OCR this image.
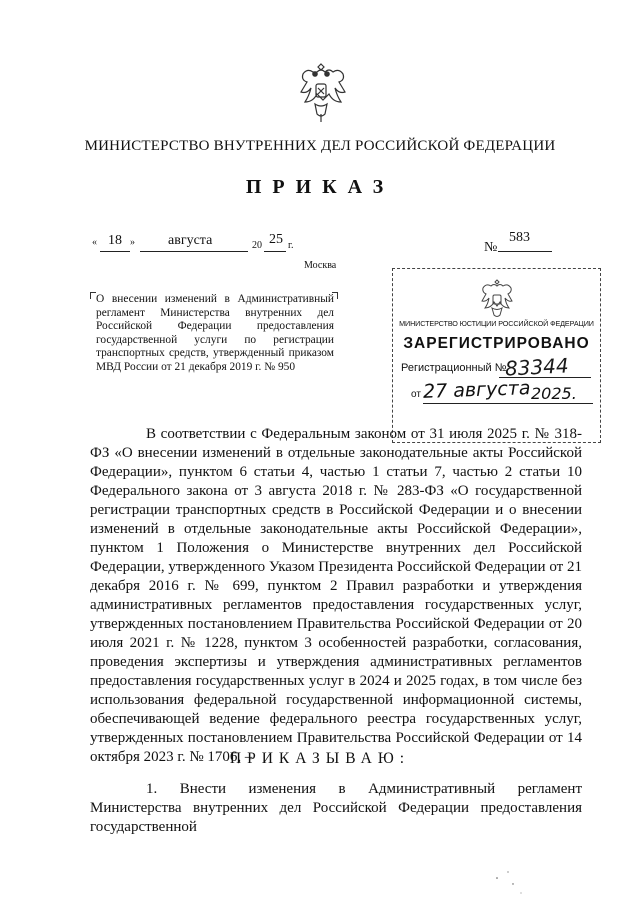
МИНИСТЕРСТВО ВНУТРЕННИХ ДЕЛ РОССИЙСКОЙ ФЕДЕРАЦИИ
ПРИКАЗ
« 18 » августа	20 25 г.	№
583
Москва
О внесении изменений в Административный регламент Министерства внутренних дел Российской Федерации предоставления государственной услуги по регистрации транспортных средств, утвержденный приказом МВД России от 21 декабря 2019 г. № 950
МИНИСТЕРСТВО ЮСТИЦИИ РОССИЙСКОЙ ФЕДЕРАЦИИ
ЗАРЕГИСТРИРОВАНО
Регистрационный №
83344
от 27 августа 2025.
В соответствии с Федеральным законом от 31 июля 2025 г. № 318-ФЗ «О внесении изменений в отдельные законодательные акты Российской Федерации», пунктом 6 статьи 4, частью 1 статьи 7, частью 2 статьи 10 Федерального закона от 3 августа 2018 г. № 283-ФЗ «О государственной регистрации транспортных средств в Российской Федерации и о внесении изменений в отдельные законодательные акты Российской Федерации», пунктом 1 Положения о Министерстве внутренних дел Российской Федерации, утвержденного Указом Президента Российской Федерации от 21 декабря 2016 г. № 699, пунктом 2 Правил разработки и утверждения административных регламентов предоставления государственных услуг, утвержденных постановлением Правительства Российской Федерации от 20 июля 2021 г. № 1228, пунктом 3 особенностей разработки, согласования, проведения экспертизы и утверждения административных регламентов предоставления государственных услуг в 2024 и 2025 годах, в том числе без использования федеральной государственной информационной системы, обеспечивающей ведение федерального реестра государственных услуг, утвержденных постановлением Правительства Российской Федерации от 14 октября 2023 г. № 1706, –
ПРИКАЗЫВАЮ:
1. Внести изменения в Административный регламент Министерства внутренних дел Российской Федерации предоставления государственной
